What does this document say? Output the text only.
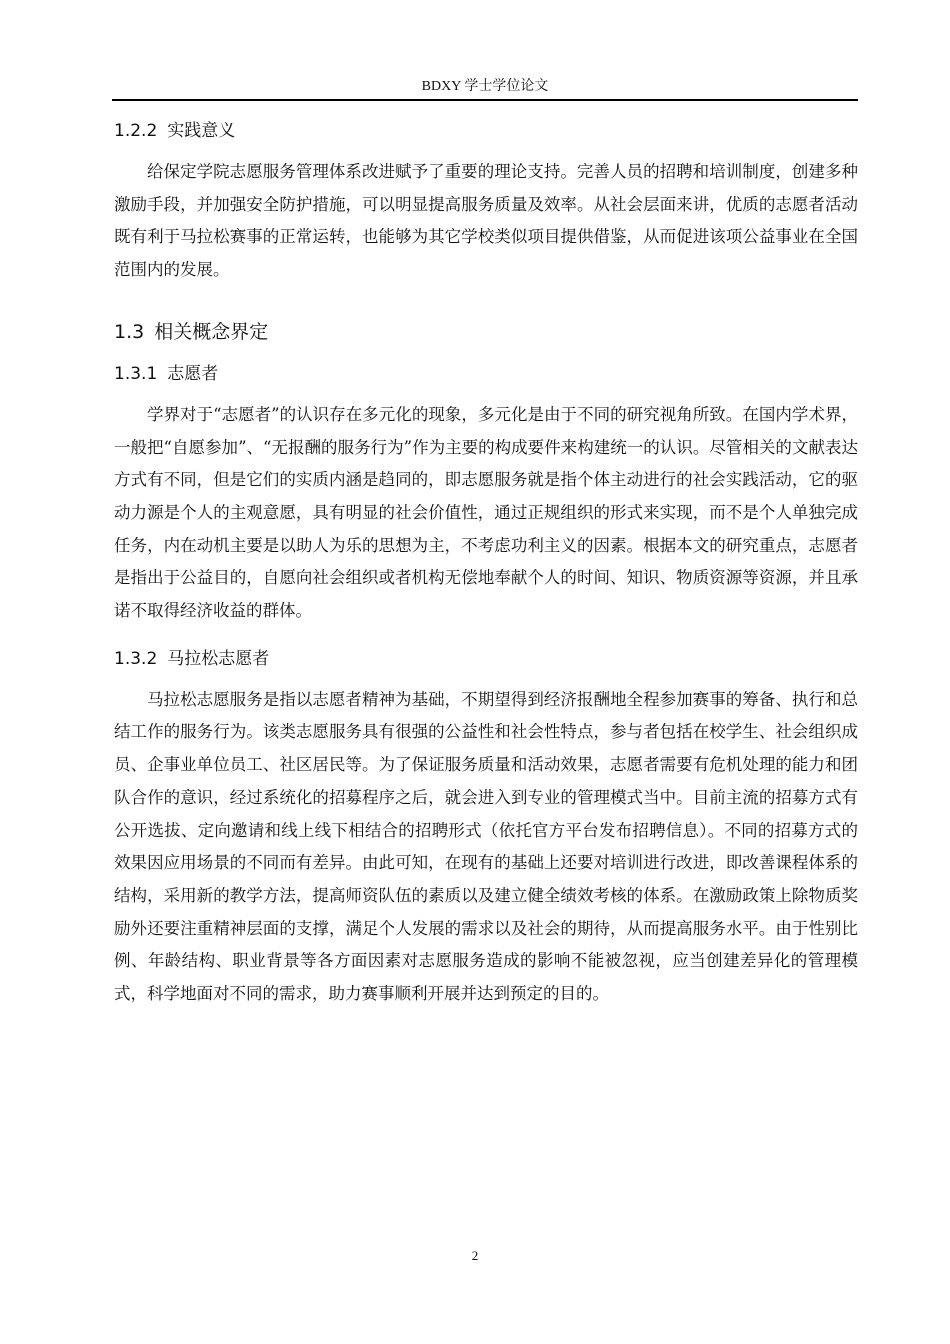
BDXY 学士学位论文
1.2.2 实践意义

给保定学院志愿服务管理体系改进赋予了重要的理论支持。完善人员的招聘和培训制度，创建多种激励手段，并加强安全防护措施，可以明显提高服务质量及效率。从社会层面来讲，优质的志愿者活动既有利于马拉松赛事的正常运转，也能够为其它学校类似项目提供借鉴，从而促进该项公益事业在全国范围内的发展。

1.3 相关概念界定
1.3.1 志愿者

学界对于“志愿者”的认识存在多元化的现象，多元化是由于不同的研究视角所致。在国内学术界，一般把“自愿参加”、“无报酬的服务行为”作为主要的构成要件来构建统一的认识。尽管相关的文献表达方式有不同，但是它们的实质内涵是趋同的，即志愿服务就是指个体主动进行的社会实践活动，它的驱动力源是个人的主观意愿，具有明显的社会价值性，通过正规组织的形式来实现，而不是个人单独完成任务，内在动机主要是以助人为乐的思想为主，不考虑功利主义的因素。根据本文的研究重点，志愿者是指出于公益目的，自愿向社会组织或者机构无偿地奉献个人的时间、知识、物质资源等资源，并且承诺不取得经济收益的群体。

1.3.2 马拉松志愿者

马拉松志愿服务是指以志愿者精神为基础，不期望得到经济报酬地全程参加赛事的筹备、执行和总结工作的服务行为。该类志愿服务具有很强的公益性和社会性特点，参与者包括在校学生、社会组织成员、企事业单位员工、社区居民等。为了保证服务质量和活动效果，志愿者需要有危机处理的能力和团队合作的意识，经过系统化的招募程序之后，就会进入到专业的管理模式当中。目前主流的招募方式有公开选拔、定向邀请和线上线下相结合的招聘形式（依托官方平台发布招聘信息）。不同的招募方式的效果因应用场景的不同而有差异。由此可知，在现有的基础上还要对培训进行改进，即改善课程体系的结构，采用新的教学方法，提高师资队伍的素质以及建立健全绩效考核的体系。在激励政策上除物质奖励外还要注重精神层面的支撑，满足个人发展的需求以及社会的期待，从而提高服务水平。由于性别比例、年龄结构、职业背景等各方面因素对志愿服务造成的影响不能被忽视，应当创建差异化的管理模式，科学地面对不同的需求，助力赛事顺利开展并达到预定的目的。

2
